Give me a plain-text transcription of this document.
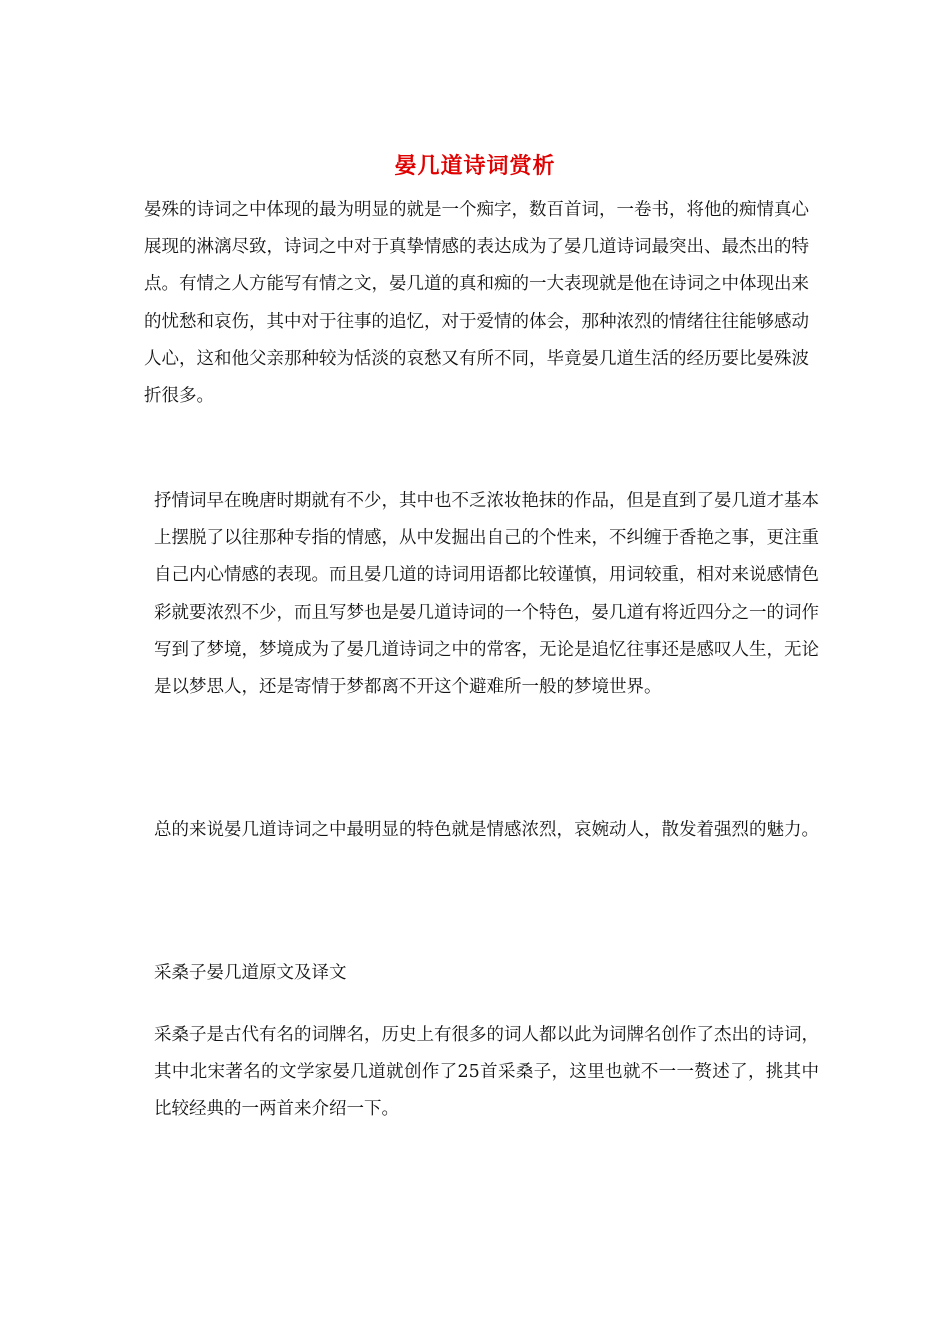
晏几道诗词赏析

晏殊的诗词之中体现的最为明显的就是一个痴字，数百首词，一卷书，将他的痴情真心展现的淋漓尽致，诗词之中对于真挚情感的表达成为了晏几道诗词最突出、最杰出的特点。有情之人方能写有情之文，晏几道的真和痴的一大表现就是他在诗词之中体现出来的忧愁和哀伤，其中对于往事的追忆，对于爱情的体会，那种浓烈的情绪往往能够感动人心，这和他父亲那种较为恬淡的哀愁又有所不同，毕竟晏几道生活的经历要比晏殊波折很多。

抒情词早在晚唐时期就有不少，其中也不乏浓妆艳抹的作品，但是直到了晏几道才基本上摆脱了以往那种专指的情感，从中发掘出自己的个性来，不纠缠于香艳之事，更注重自己内心情感的表现。而且晏几道的诗词用语都比较谨慎，用词较重，相对来说感情色彩就要浓烈不少，而且写梦也是晏几道诗词的一个特色，晏几道有将近四分之一的词作写到了梦境，梦境成为了晏几道诗词之中的常客，无论是追忆往事还是感叹人生，无论是以梦思人，还是寄情于梦都离不开这个避难所一般的梦境世界。

总的来说晏几道诗词之中最明显的特色就是情感浓烈，哀婉动人，散发着强烈的魅力。

采桑子晏几道原文及译文

采桑子是古代有名的词牌名，历史上有很多的词人都以此为词牌名创作了杰出的诗词，其中北宋著名的文学家晏几道就创作了25首采桑子，这里也就不一一赘述了，挑其中比较经典的一两首来介绍一下。
